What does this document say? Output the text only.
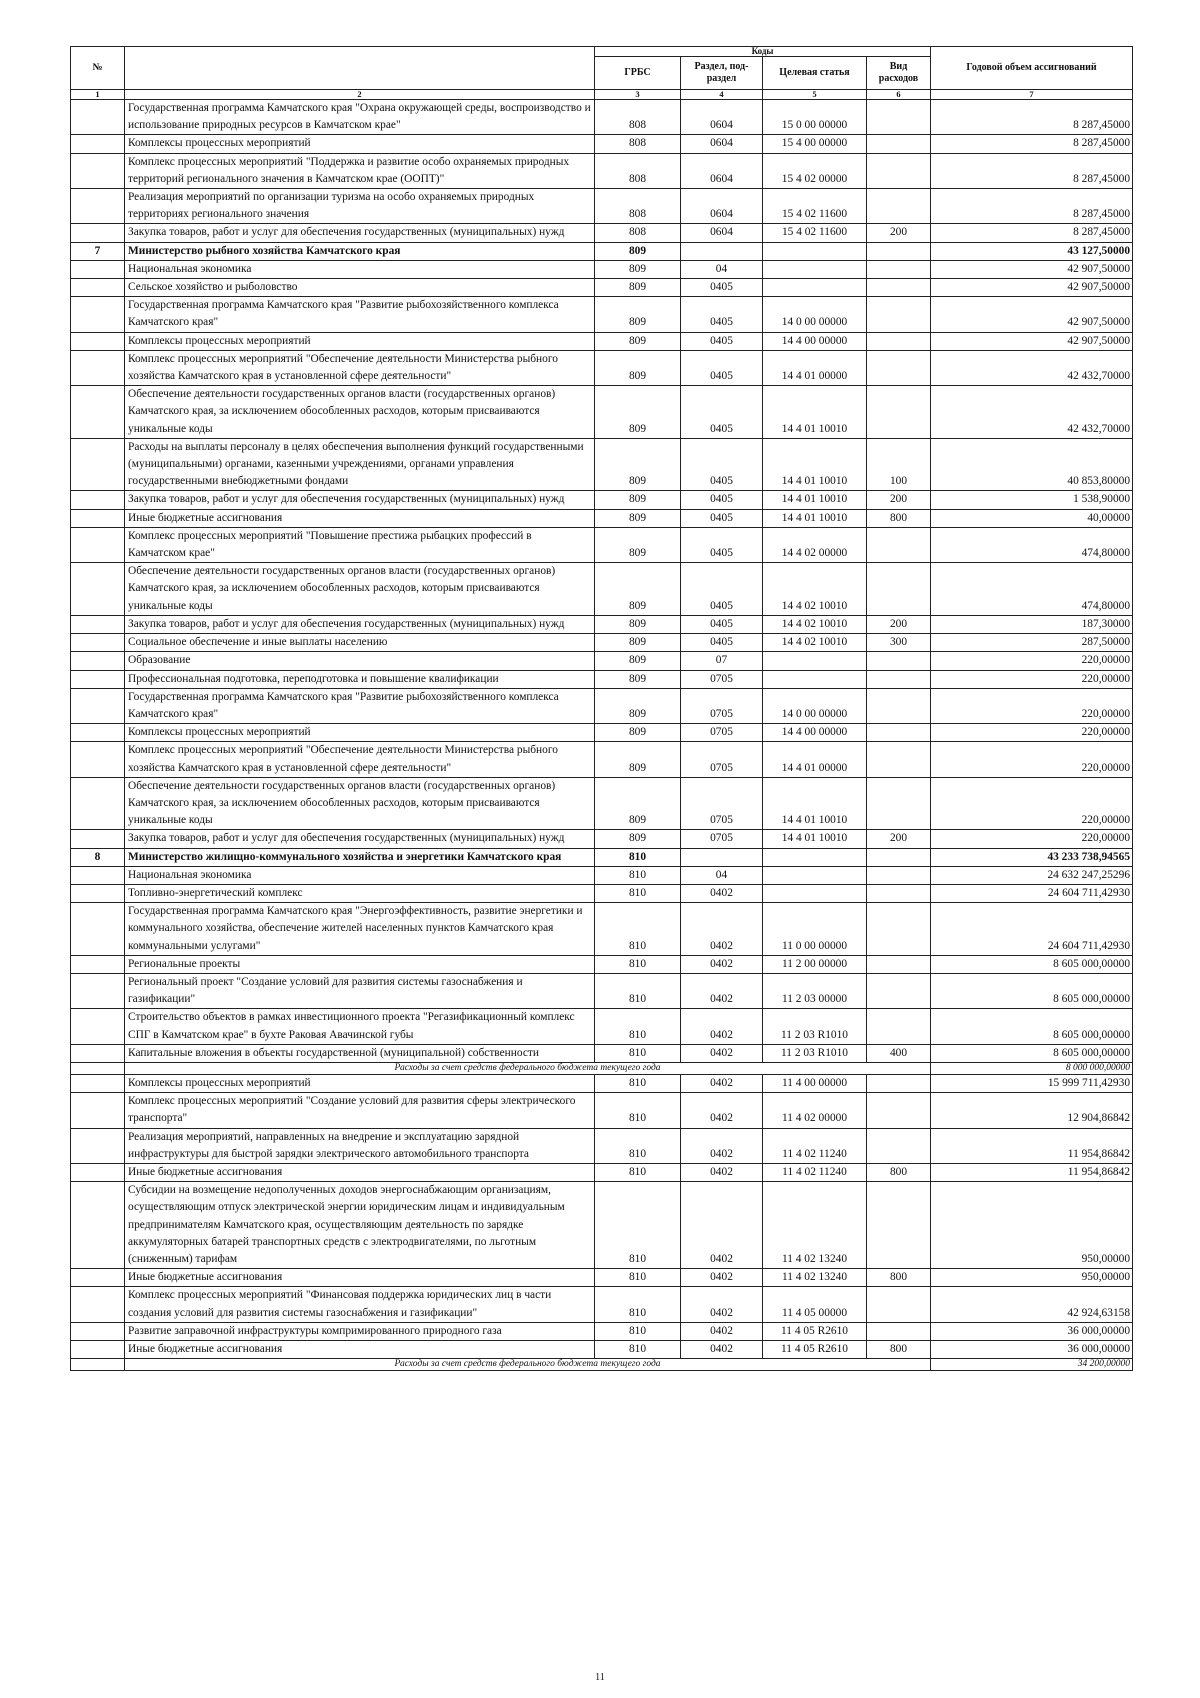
№		Коды				Годовой объем ассигнований
		ГРБС	Раздел, под-раздел	Целевая статья	Вид расходов	
1	2	3	4	5	6	7
	Государственная программа Камчатского края "Охрана окружающей среды, воспроизводство и использование природных ресурсов в Камчатском крае"	808	0604	15 0 00 00000		8 287,45000
	Комплексы процессных мероприятий	808	0604	15 4 00 00000		8 287,45000
	Комплекс процессных мероприятий "Поддержка и развитие особо охраняемых природных территорий регионального значения в Камчатском крае (ООПТ)"	808	0604	15 4 02 00000		8 287,45000
	Реализация мероприятий по организации туризма на особо охраняемых природных территориях регионального значения	808	0604	15 4 02 11600		8 287,45000
	Закупка товаров, работ и услуг для обеспечения государственных (муниципальных) нужд	808	0604	15 4 02 11600	200	8 287,45000
7	Министерство рыбного хозяйства Камчатского края	809				43 127,50000
	Национальная экономика	809	04			42 907,50000
	Сельское хозяйство и рыболовство	809	0405			42 907,50000
	Государственная программа Камчатского края "Развитие рыбохозяйственного комплекса Камчатского края"	809	0405	14 0 00 00000		42 907,50000
	Комплексы процессных мероприятий	809	0405	14 4 00 00000		42 907,50000
	Комплекс процессных мероприятий "Обеспечение деятельности Министерства рыбного хозяйства Камчатского края в установленной сфере деятельности"	809	0405	14 4 01 00000		42 432,70000
	Обеспечение деятельности государственных органов власти (государственных органов) Камчатского края, за исключением обособленных расходов, которым присваиваются уникальные коды	809	0405	14 4 01 10010		42 432,70000
	Расходы на выплаты персоналу в целях обеспечения выполнения функций государственными (муниципальными) органами, казенными учреждениями, органами управления государственными внебюджетными фондами	809	0405	14 4 01 10010	100	40 853,80000
	Закупка товаров, работ и услуг для обеспечения государственных (муниципальных) нужд	809	0405	14 4 01 10010	200	1 538,90000
	Иные бюджетные ассигнования	809	0405	14 4 01 10010	800	40,00000
	Комплекс процессных мероприятий "Повышение престижа рыбацких профессий в Камчатском крае"	809	0405	14 4 02 00000		474,80000
	Обеспечение деятельности государственных органов власти (государственных органов) Камчатского края, за исключением обособленных расходов, которым присваиваются уникальные коды	809	0405	14 4 02 10010		474,80000
	Закупка товаров, работ и услуг для обеспечения государственных (муниципальных) нужд	809	0405	14 4 02 10010	200	187,30000
	Социальное обеспечение и иные выплаты населению	809	0405	14 4 02 10010	300	287,50000
	Образование	809	07			220,00000
	Профессиональная подготовка, переподготовка и повышение квалификации	809	0705			220,00000
	Государственная программа Камчатского края "Развитие рыбохозяйственного комплекса Камчатского края"	809	0705	14 0 00 00000		220,00000
	Комплексы процессных мероприятий	809	0705	14 4 00 00000		220,00000
	Комплекс процессных мероприятий "Обеспечение деятельности Министерства рыбного хозяйства Камчатского края в установленной сфере деятельности"	809	0705	14 4 01 00000		220,00000
	Обеспечение деятельности государственных органов власти (государственных органов) Камчатского края, за исключением обособленных расходов, которым присваиваются уникальные коды	809	0705	14 4 01 10010		220,00000
	Закупка товаров, работ и услуг для обеспечения государственных (муниципальных) нужд	809	0705	14 4 01 10010	200	220,00000
8	Министерство жилищно-коммунального хозяйства и энергетики Камчатского края	810				43 233 738,94565
	Национальная экономика	810	04			24 632 247,25296
	Топливно-энергетический комплекс	810	0402			24 604 711,42930
	Государственная программа Камчатского края "Энергоэффективность, развитие энергетики и коммунального хозяйства, обеспечение жителей населенных пунктов Камчатского края коммунальными услугами"	810	0402	11 0 00 00000		24 604 711,42930
	Региональные проекты	810	0402	11 2 00 00000		8 605 000,00000
	Региональный проект "Создание условий для развития системы газоснабжения и газификации"	810	0402	11 2 03 00000		8 605 000,00000
	Строительство объектов в рамках инвестиционного проекта "Регазификационный комплекс СПГ в Камчатском крае" в бухте Раковая Авачинской губы	810	0402	11 2 03 R1010		8 605 000,00000
	Капитальные вложения в объекты государственной (муниципальной) собственности	810	0402	11 2 03 R1010	400	8 605 000,00000
	Расходы за счет средств федерального бюджета текущего года					8 000 000,00000
	Комплексы процессных мероприятий	810	0402	11 4 00 00000		15 999 711,42930
	Комплекс процессных мероприятий "Создание условий для развития сферы электрического транспорта"	810	0402	11 4 02 00000		12 904,86842
	Реализация мероприятий, направленных на внедрение и эксплуатацию зарядной инфраструктуры для быстрой зарядки электрического автомобильного транспорта	810	0402	11 4 02 11240		11 954,86842
	Иные бюджетные ассигнования	810	0402	11 4 02 11240	800	11 954,86842
	Субсидии на возмещение недополученных доходов энергоснабжающим организациям, осуществляющим отпуск электрической энергии юридическим лицам и индивидуальным предпринимателям Камчатского края, осуществляющим деятельность по зарядке аккумуляторных батарей транспортных средств с электродвигателями, по льготным (сниженным) тарифам	810	0402	11 4 02 13240		950,00000
	Иные бюджетные ассигнования	810	0402	11 4 02 13240	800	950,00000
	Комплекс процессных мероприятий "Финансовая поддержка юридических лиц в части создания условий для развития системы газоснабжения и газификации"	810	0402	11 4 05 00000		42 924,63158
	Развитие заправочной инфраструктуры компримированного природного газа	810	0402	11 4 05 R2610		36 000,00000
	Иные бюджетные ассигнования	810	0402	11 4 05 R2610	800	36 000,00000
	Расходы за счет средств федерального бюджета текущего года					34 200,00000
11
